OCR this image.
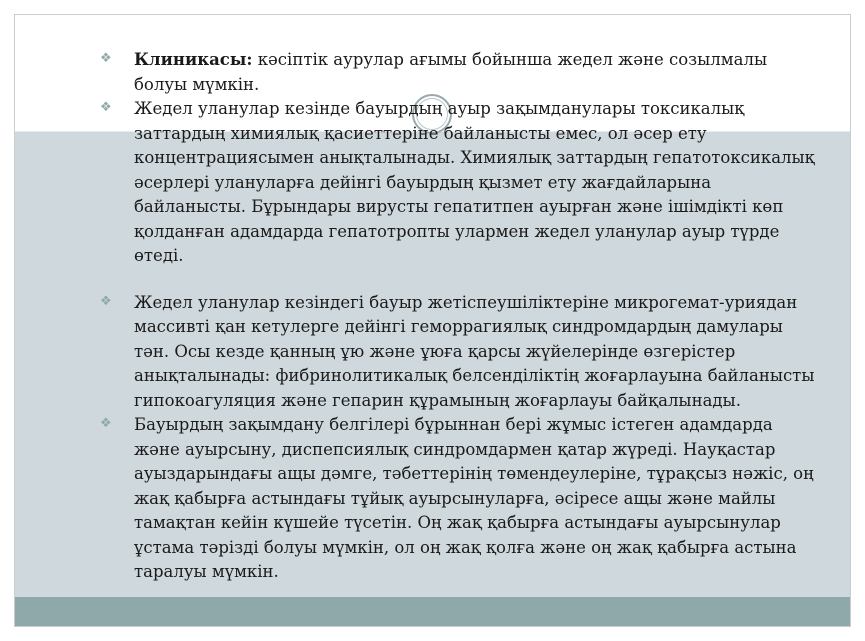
❖ Клиникасы: кәсіптік аурулар ағымы бойынша жедел және созылмалы болуы мүмкін.

❖ Жедел уланулар кезінде бауырдың ауыр зақымданулары токсикалық заттардың химиялық қасиеттеріне байланысты емес, ол әсер ету концентрациясымен анықталынады. Химиялық заттардың гепатотоксикалық әсерлері улануларға дейінгі бауырдың қызмет ету жағдайларына байланысты. Бұрындары вирусты гепатитпен ауырған және ішімдікті көп қолданған адамдарда гепатотропты улармен жедел уланулар ауыр түрде өтеді.

❖ Жедел уланулар кезіндегі бауыр жетіспеушіліктеріне микрогемат-уриядан массивті қан кетулерге дейінгі геморрагиялық синдромдардың дамулары тән. Осы кезде қанның ұю және ұюға қарсы жүйелерінде өзгерістер анықталынады: фибринолитикалық белсенділіктің жоғарлауына байланысты гипокоагуляция және гепарин құрамының жоғарлауы байқалынады.

❖ Бауырдың зақымдану белгілері бұрыннан бері жұмыс істеген адамдарда және ауырсыну, диспепсиялық синдромдармен қатар жүреді. Науқастар ауыздарындағы ащы дәмге, тәбеттерінің төмендеулеріне, тұрақсыз нәжіс, оң жақ қабырға астындағы тұйық ауырсынуларға, әсіресе ащы және майлы тамақтан кейін күшейе түсетін. Оң жақ қабырға астындағы ауырсынулар ұстама тәрізді болуы мүмкін, ол оң жақ қолға және оң жақ қабырға астына таралуы мүмкін.
